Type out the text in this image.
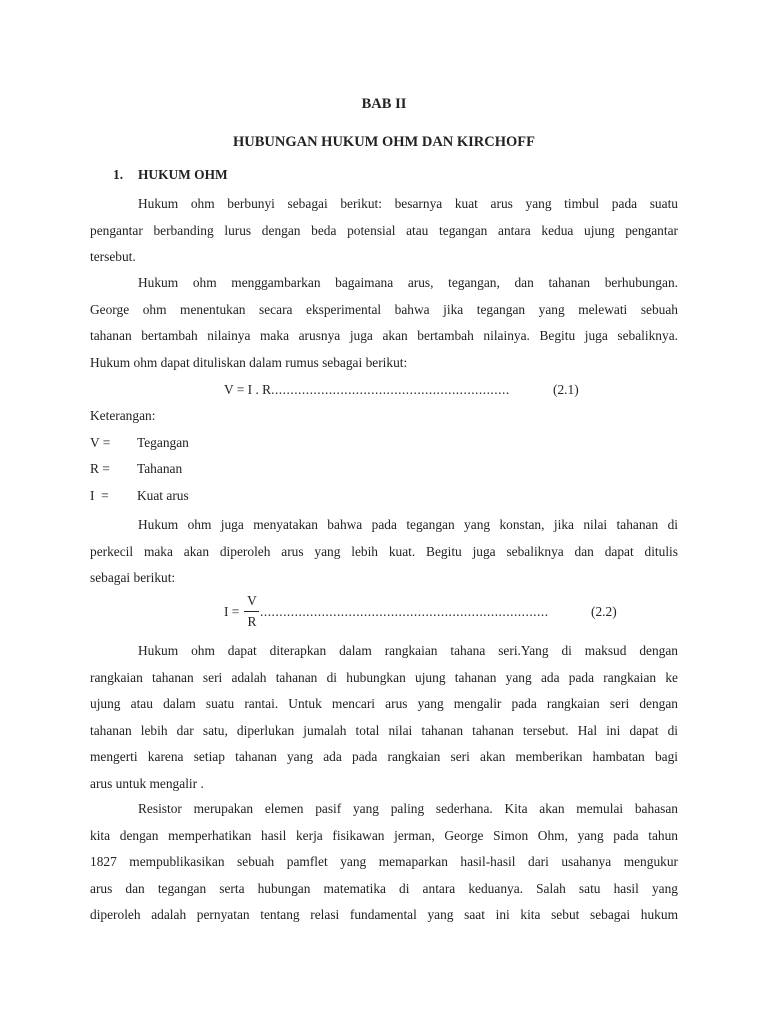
BAB II
HUBUNGAN HUKUM OHM DAN KIRCHOFF
1. HUKUM OHM
Hukum ohm berbunyi sebagai berikut: besarnya kuat arus yang timbul pada suatu
pengantar berbanding lurus dengan beda potensial atau tegangan antara kedua ujung pengantar
tersebut.
Hukum ohm menggambarkan bagaimana arus, tegangan, dan tahanan berhubungan.
George ohm menentukan secara eksperimental bahwa jika tegangan yang melewati sebuah
tahanan bertambah nilainya maka arusnya juga akan bertambah nilainya. Begitu juga sebaliknya.
Hukum ohm dapat dituliskan dalam rumus sebagai berikut:
V = I . R..............................................................	(2.1)
Keterangan:
V = Tegangan
R = Tahanan
I  = Kuat arus
Hukum ohm juga menyatakan bahwa pada tegangan yang konstan, jika nilai tahanan di
perkecil maka akan diperoleh arus yang lebih kuat. Begitu juga sebaliknya dan dapat ditulis
sebagai berikut:
I =
V
R
...........................................................................	(2.2)
Hukum ohm dapat diterapkan dalam rangkaian tahana seri.Yang di maksud dengan
rangkaian tahanan seri adalah tahanan di hubungkan ujung tahanan yang ada pada rangkaian ke
ujung atau dalam suatu rantai. Untuk mencari arus yang mengalir pada rangkaian seri dengan
tahanan lebih dar satu, diperlukan jumalah total nilai tahanan tahanan tersebut. Hal ini dapat di
mengerti karena setiap tahanan yang ada pada rangkaian seri akan memberikan hambatan bagi
arus untuk mengalir .
Resistor merupakan elemen pasif yang paling sederhana. Kita akan memulai bahasan
kita dengan memperhatikan hasil kerja fisikawan jerman, George Simon Ohm, yang pada tahun
1827 mempublikasikan sebuah pamflet yang memaparkan hasil-hasil dari usahanya mengukur
arus dan tegangan serta hubungan matematika di antara keduanya. Salah satu hasil yang
diperoleh adalah pernyatan tentang relasi fundamental yang saat ini kita sebut sebagai hukum
